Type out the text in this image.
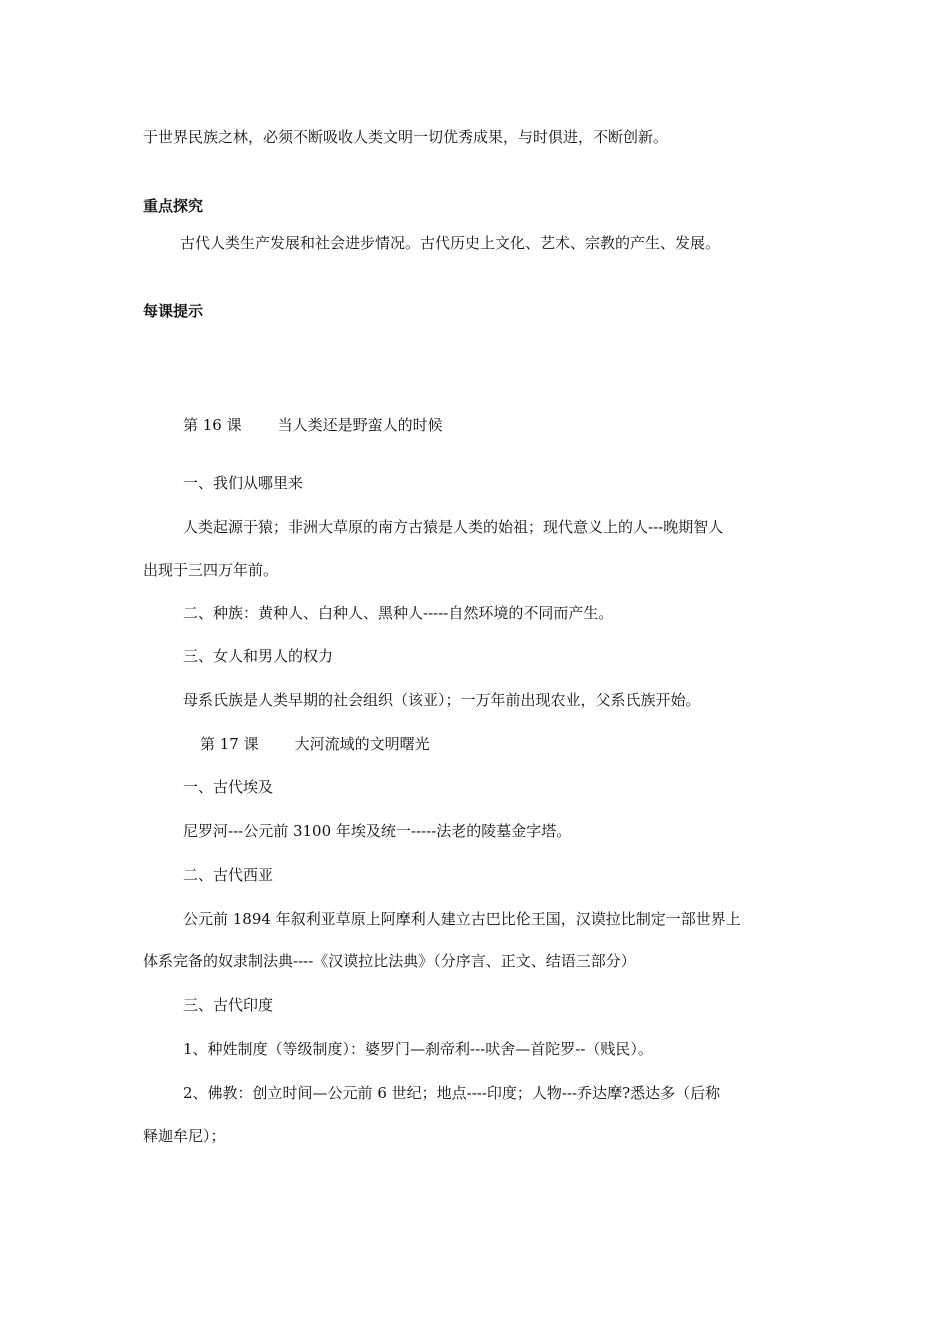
于世界民族之林，必须不断吸收人类文明一切优秀成果，与时俱进，不断创新。

重点探究

古代人类生产发展和社会进步情况。古代历史上文化、艺术、宗教的产生、发展。

每课提示

第 16 课 当人类还是野蛮人的时候

一、我们从哪里来

人类起源于猿；非洲大草原的南方古猿是人类的始祖；现代意义上的人---晚期智人

出现于三四万年前。

二、种族：黄种人、白种人、黑种人-----自然环境的不同而产生。

三、女人和男人的权力

母系氏族是人类早期的社会组织（该亚）；一万年前出现农业，父系氏族开始。

第 17 课 大河流域的文明曙光

一、古代埃及

尼罗河---公元前 3100 年埃及统一-----法老的陵墓金字塔。

二、古代西亚

公元前 1894 年叙利亚草原上阿摩利人建立古巴比伦王国，汉谟拉比制定一部世界上

体系完备的奴隶制法典----《汉谟拉比法典》（分序言、正文、结语三部分）

三、古代印度

1、种姓制度（等级制度）：婆罗门—刹帝利---吠舍—首陀罗--（贱民）。

2、佛教：创立时间—公元前 6 世纪；地点----印度；人物---乔达摩?悉达多（后称

释迦牟尼）；
